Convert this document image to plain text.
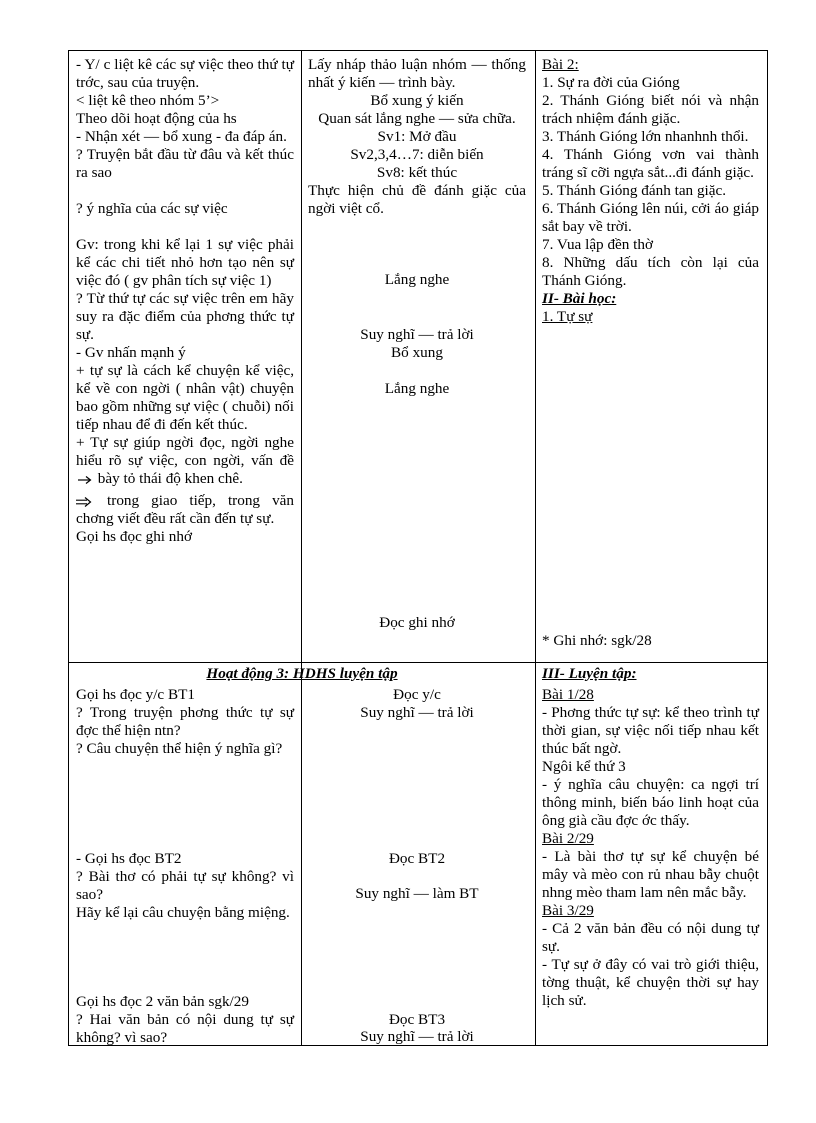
- Y/ c liệt kê các sự việc theo thứ tự trớc, sau của truyện.

< liệt kê theo nhóm 5’>

Theo dõi hoạt động của hs

- Nhận xét — bổ xung - đa đáp án.

? Truyện bắt đầu từ đâu và kết thúc ra sao

? ý nghĩa của các sự việc

Gv: trong khi kể lại 1 sự việc phải kể các chi tiết nhỏ hơn tạo nên sự việc đó ( gv phân tích sự việc 1)

? Từ thứ tự các sự việc trên em hãy suy ra đặc điểm của phơng thức tự sự.

- Gv nhấn mạnh ý

+ tự sự là cách kể chuyện kể việc, kể về con ngời ( nhân vật) chuyện bao gồm những sự việc ( chuỗi) nối tiếp nhau để đi đến kết thúc.

+ Tự sự giúp ngời đọc, ngời nghe hiểu rõ sự việc, con ngời, vấn đề  bày tỏ thái độ khen chê.

trong giao tiếp, trong văn chơng viết đều rất cần đến tự sự.

Gọi hs đọc ghi nhớ

Lấy nháp thảo luận nhóm — thống nhất ý kiến — trình bày.

Bổ xung ý kiến

Quan sát lắng nghe — sửa chữa.

Sv1: Mở đầu

Sv2,3,4…7: diễn biến

Sv8: kết thúc

Thực hiện chủ đề đánh giặc của ngời việt cổ.

Lắng nghe
Suy nghĩ — trả lời
Bổ xung
Lắng nghe
Đọc ghi nhớ

Bài 2:

1. Sự ra đời của Gióng

2. Thánh Gióng biết nói và nhận trách nhiệm đánh giặc.

3. Thánh Gióng lớn nhanhnh thổi.

4. Thánh Gióng vơn vai thành tráng sĩ cỡi ngựa sắt...đi đánh giặc.

5. Thánh Gióng đánh tan giặc.

6. Thánh Gióng lên núi, cởi áo giáp sắt bay về trời.

7. Vua lập đền thờ

8. Những dấu tích còn lại của Thánh Gióng.

II- Bài học:

1. Tự sự

* Ghi nhớ: sgk/28
Hoạt động 3: HDHS luyện tập	III- Luyện tập:

Gọi hs đọc y/c BT1

? Trong truyện phơng thức tự sự đợc thể hiện ntn?

? Câu chuyện thể hiện ý nghĩa gì?

- Gọi hs đọc BT2

? Bài thơ có phải tự sự không? vì sao?

Hãy kể lại câu chuyện bằng miệng.

Gọi hs đọc 2 văn bản sgk/29

? Hai văn bản có nội dung tự sự không? vì sao?

Đọc y/c
Suy nghĩ — trả lời
Đọc BT2
Suy nghĩ — làm BT
Đọc BT3
Suy nghĩ — trả lời

Bài 1/28

- Phơng thức tự sự: kể theo trình tự thời gian, sự việc nối tiếp nhau kết thúc bất ngờ.

Ngôi kể thứ 3

- ý nghĩa câu chuyện: ca ngợi trí thông minh, biến báo linh hoạt của ông già cầu đợc ớc thấy.

Bài 2/29

- Là bài thơ tự sự kể chuyện bé mây và mèo con rủ nhau bẫy chuột nhng mèo tham lam nên mắc bẫy.

Bài 3/29

- Cả 2 văn bản đều có nội dung tự sự.

- Tự sự ở đây có vai trò giới thiệu, tờng thuật, kể chuyện thời sự hay lịch sử.
